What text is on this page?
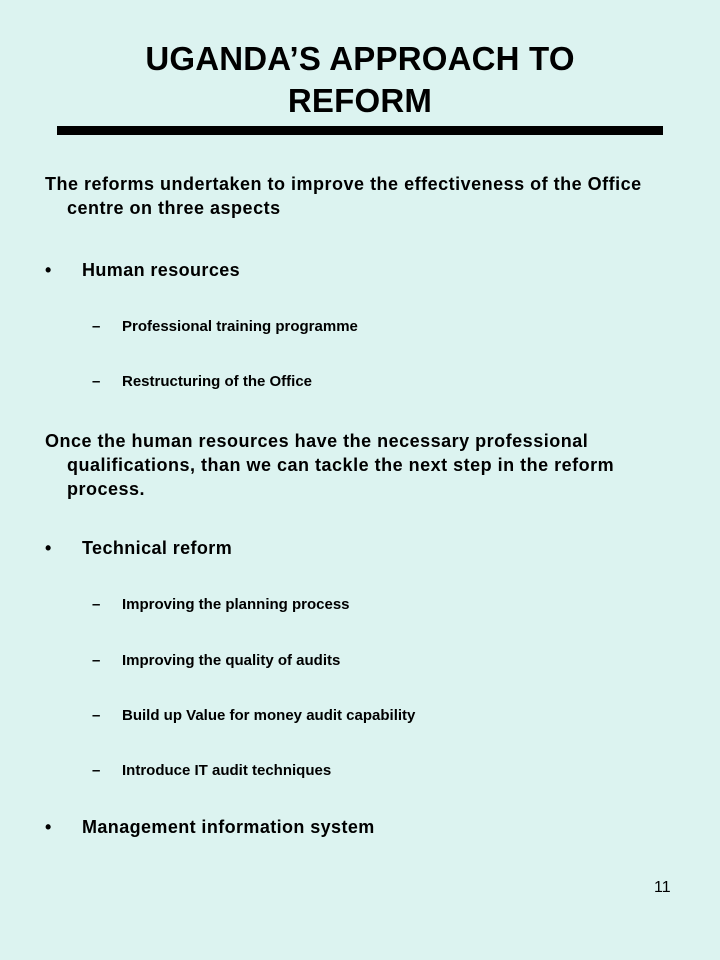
UGANDA’S APPROACH TO
REFORM
The reforms undertaken to improve the effectiveness of the Office centre on three aspects
• Human resources
– Professional training programme
– Restructuring of the Office
Once the human resources have the necessary professional qualifications, than we can tackle the next step in the reform process.
• Technical reform
– Improving the planning process
– Improving the quality of audits
– Build up Value for money audit capability
– Introduce IT audit techniques
• Management information system
11
